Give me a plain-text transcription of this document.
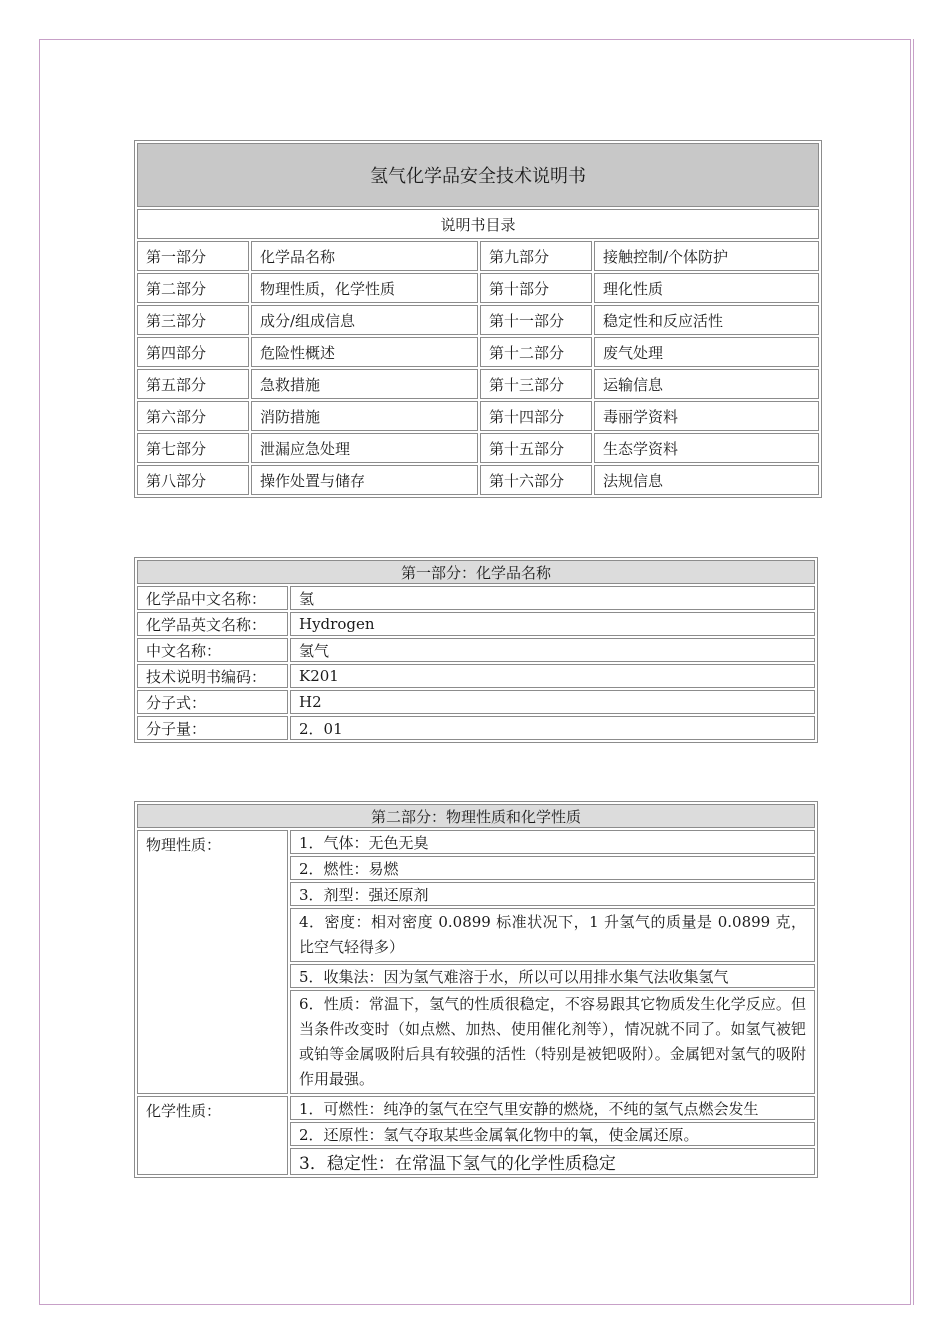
氢气化学品安全技术说明书			
说明书目录			
第一部分	化学品名称	第九部分	接触控制/个体防护
第二部分	物理性质，化学性质	第十部分	理化性质
第三部分	成分/组成信息	第十一部分	稳定性和反应活性
第四部分	危险性概述	第十二部分	废气处理
第五部分	急救措施	第十三部分	运输信息
第六部分	消防措施	第十四部分	毒丽学资料
第七部分	泄漏应急处理	第十五部分	生态学资料
第八部分	操作处置与储存	第十六部分	法规信息
第一部分：化学品名称	
化学品中文名称：	氢
化学品英文名称：	Hydrogen
中文名称：	氢气
技术说明书编码：	K201
分子式：	H2
分子量：	2．01
第二部分：物理性质和化学性质	
物理性质：	1．气体：无色无臭
	2．燃性：易燃
	3．剂型：强还原剂
	4．密度：相对密度 0.0899 标准状况下，1 升氢气的质量是 0.0899 克，比空气轻得多）
	5．收集法：因为氢气难溶于水，所以可以用排水集气法收集氢气
	6．性质：常温下，氢气的性质很稳定，不容易跟其它物质发生化学反应。但当条件改变时（如点燃、加热、使用催化剂等），情况就不同了。如氢气被钯或铂等金属吸附后具有较强的活性（特别是被钯吸附）。金属钯对氢气的吸附作用最强。
化学性质：	1．可燃性：纯净的氢气在空气里安静的燃烧，不纯的氢气点燃会发生
	2．还原性：氢气夺取某些金属氧化物中的氧，使金属还原。
	3．稳定性：在常温下氢气的化学性质稳定
